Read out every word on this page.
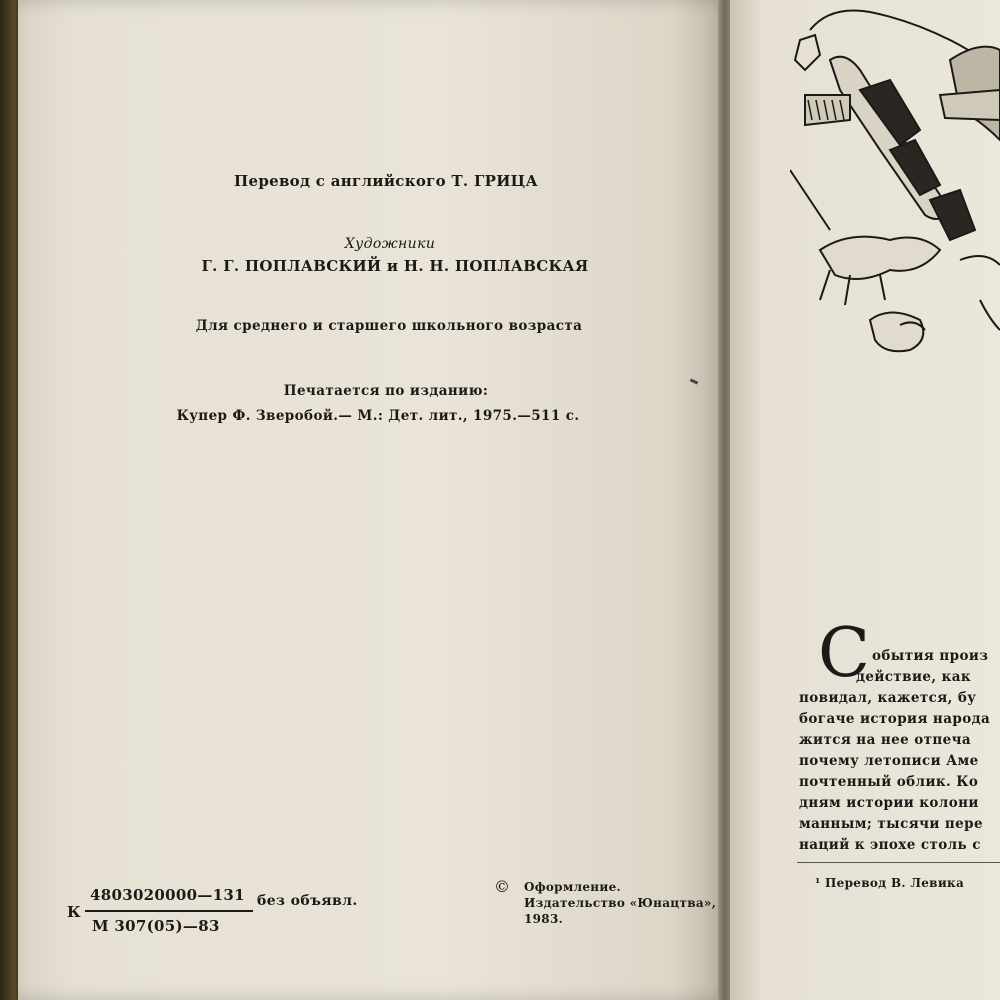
Перевод с английского Т. ГРИЦА
Художники
Г. Г. ПОПЛАВСКИЙ и Н. Н. ПОПЛАВСКАЯ
Для среднего и старшего школьного возраста
Печатается по изданию:
Купер Ф. Зверобой.— М.: Дет. лит., 1975.—511 с.
К
4803020000—131
М 307(05)—83
без объявл.
© Оформление.
Издательство «Юнацтва»,
1983.
С обытия произ
действие, как
повидал, кажется, бу
богаче история народа
жится на нее отпеча
почему летописи Аме
почтенный облик. Ко
дням истории колони
манным; тысячи пере
наций к эпохе столь с
¹ Перевод В. Левика
